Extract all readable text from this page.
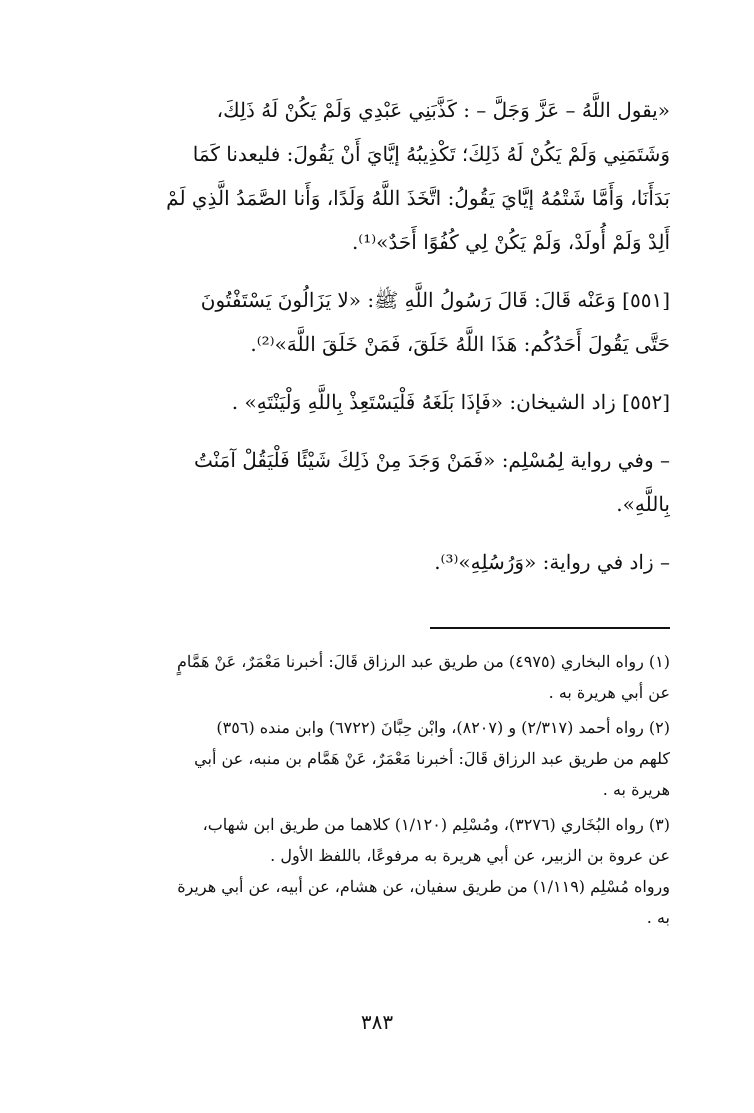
«يقول اللَّهُ – عَزَّ وَجَلَّ – : كَذَّبَنِي عَبْدِي وَلَمْ يَكُنْ لَهُ ذَلِكَ،

وَشَتَمَنِي وَلَمْ يَكُنْ لَهُ ذَلِكَ؛ تَكْذِيبُهُ إيَّايَ أَنْ يَقُولَ: فليعدنا كَمَا

بَدَأَنَا، وَأَمَّا شَتْمُهُ إيَّايَ يَقُولُ: اتَّخَذَ اللَّهُ وَلَدًا، وَأَنا الصَّمَدُ الَّذِي لَمْ

أَلِدْ وَلَمْ أُولَدْ، وَلَمْ يَكُنْ لِي كُفُوًا أَحَدٌ»⁽¹⁾.

[٥٥١] وَعَنْه قَالَ: قَالَ رَسُولُ اللَّهِ ﷺ: «لا يَزَالُونَ يَسْتَفْتُونَ

حَتَّى يَقُولَ أَحَدُكُم: هَذَا اللَّهُ خَلَقَ، فَمَنْ خَلَقَ اللَّهَ»⁽²⁾.

[٥٥٢] زاد الشيخان: «فَإذَا بَلَغَهُ فَلْيَسْتَعِذْ بِاللَّهِ وَلْيَنْتَهِ» .

– وفي رواية لِمُسْلِم: «فَمَنْ وَجَدَ مِنْ ذَلِكَ شَيْئًا فَلْيَقُلْ آمَنْتُ

بِاللَّهِ».

– زاد في رواية: «وَرُسُلِهِ»⁽³⁾.

(١) رواه البخاري (٤٩٧٥) من طريق عبد الرزاق قَالَ: أخبرنا مَعْمَرٌ، عَنْ هَمَّامٍ

عن أبي هريرة به .

(٢) رواه أحمد (٢/٣١٧) و (٨٢٠٧)، وابْن حِبَّانَ (٦٧٢٢) وابن منده (٣٥٦)

كلهم من طريق عبد الرزاق قَالَ: أخبرنا مَعْمَرٌ، عَنْ هَمَّام بن منبه، عن أبي

هريرة به .

(٣) رواه البُخَاري (٣٢٧٦)، ومُسْلِم (١/١٢٠) كلاهما من طريق ابن شهاب،

عن عروة بن الزبير، عن أبي هريرة به مرفوعًا، باللفظ الأول .

ورواه مُسْلِم (١/١١٩) من طريق سفيان، عن هشام، عن أبيه، عن أبي هريرة

به .

٣٨٣
